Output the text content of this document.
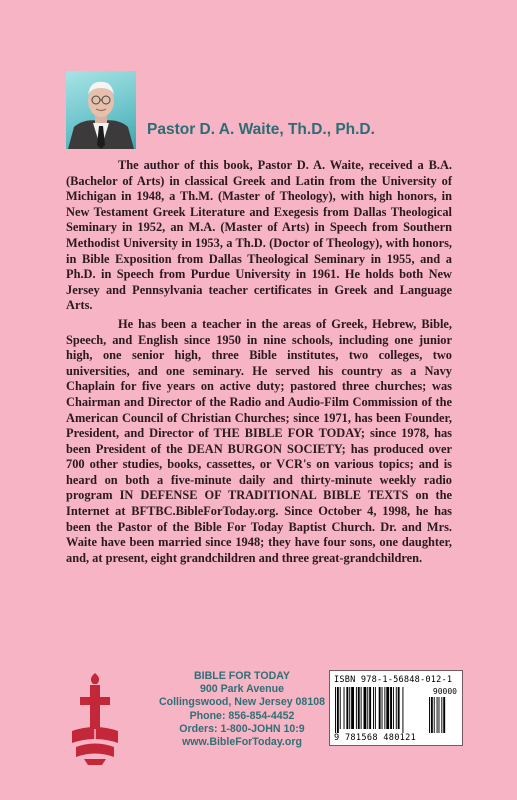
Pastor D. A. Waite, Th.D., Ph.D.

The author of this book, Pastor D. A. Waite, received a B.A. (Bachelor of Arts) in classical Greek and Latin from the University of Michigan in 1948, a Th.M. (Master of Theology), with high honors, in New Testament Greek Literature and Exegesis from Dallas Theological Seminary in 1952, an M.A. (Master of Arts) in Speech from Southern Methodist University in 1953, a Th.D. (Doctor of Theology), with honors, in Bible Exposition from Dallas Theological Seminary in 1955, and a Ph.D. in Speech from Purdue University in 1961. He holds both New Jersey and Pennsylvania teacher certificates in Greek and Language Arts.

He has been a teacher in the areas of Greek, Hebrew, Bible, Speech, and English since 1950 in nine schools, including one junior high, one senior high, three Bible institutes, two colleges, two universities, and one seminary. He served his country as a Navy Chaplain for five years on active duty; pastored three churches; was Chairman and Director of the Radio and Audio-Film Commission of the American Council of Christian Churches; since 1971, has been Founder, President, and Director of THE BIBLE FOR TODAY; since 1978, has been President of the DEAN BURGON SOCIETY; has produced over 700 other studies, books, cassettes, or VCR's on various topics; and is heard on both a five-minute daily and thirty-minute weekly radio program IN DEFENSE OF TRADITIONAL BIBLE TEXTS on the Internet at BFTBC.BibleForToday.org. Since October 4, 1998, he has been the Pastor of the Bible For Today Baptist Church. Dr. and Mrs. Waite have been married since 1948; they have four sons, one daughter, and, at present, eight grandchildren and three great-grandchildren.

BIBLE FOR TODAY
900 Park Avenue
Collingswood, New Jersey 08108
Phone: 856-854-4452
Orders: 1-800-JOHN 10:9
www.BibleForToday.org
ISBN 978-1-56848-012-1
90000
9 781568 480121
